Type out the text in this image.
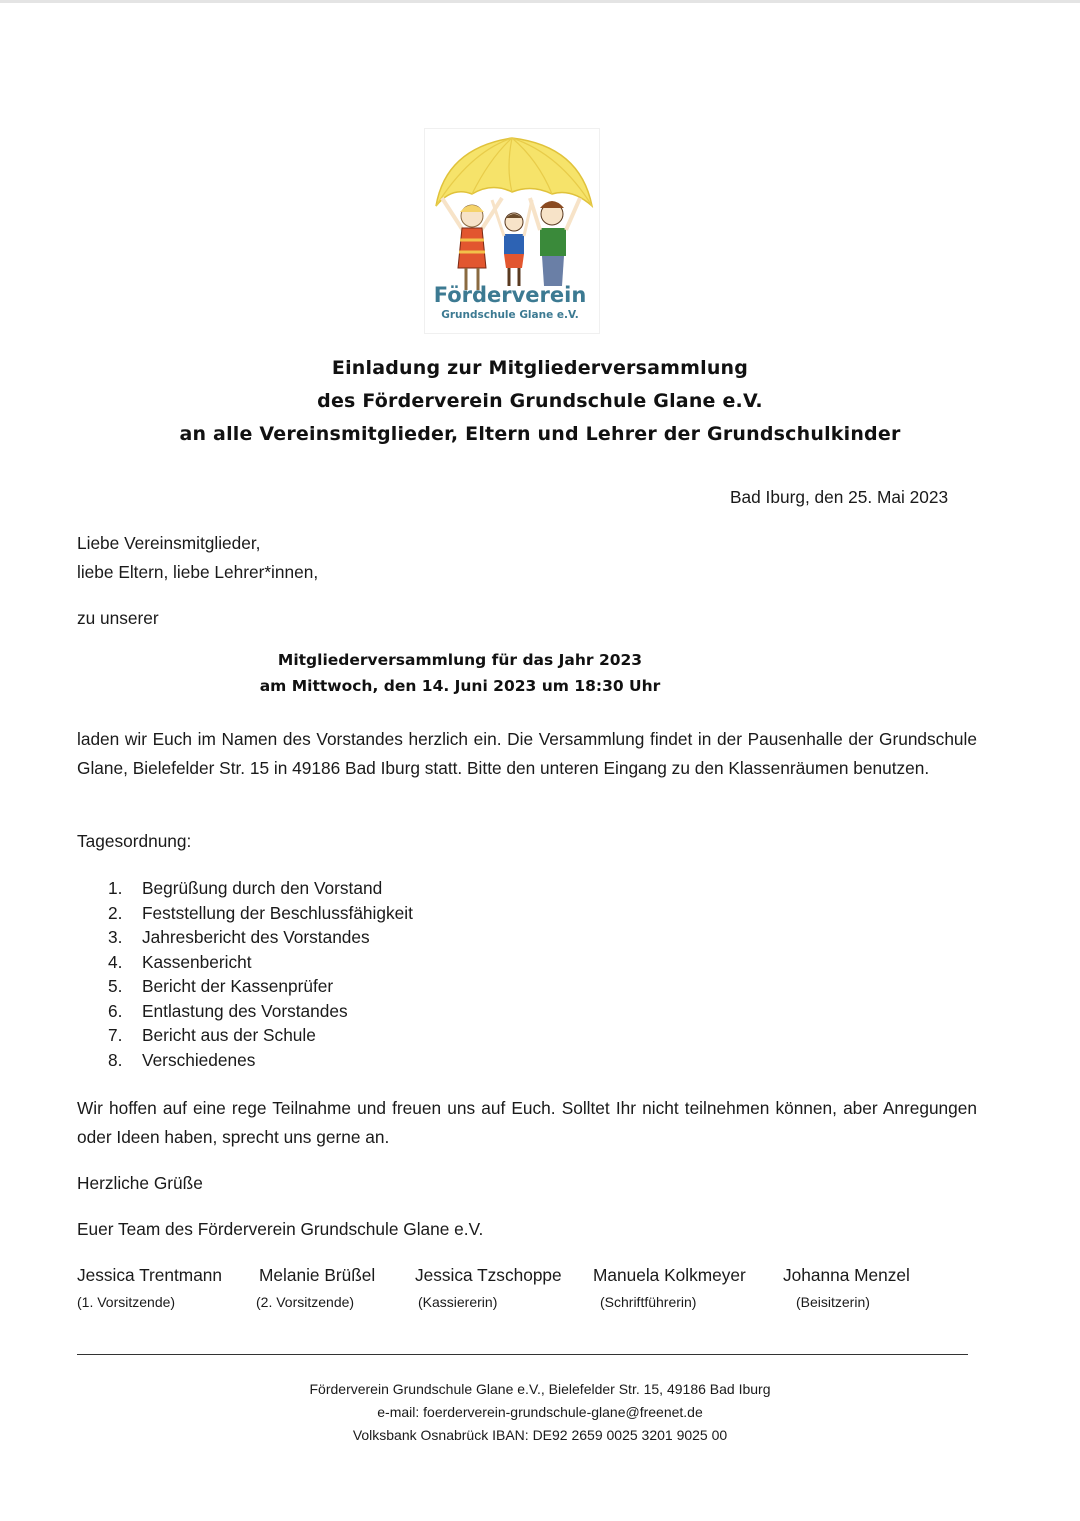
Förderverein
Grundschule Glane e.V.
Einladung zur Mitgliederversammlung
des Förderverein Grundschule Glane e.V.
an alle Vereinsmitglieder, Eltern und Lehrer der Grundschulkinder
Bad Iburg, den 25. Mai 2023
Liebe Vereinsmitglieder,
liebe Eltern, liebe Lehrer*innen,
zu unserer
Mitgliederversammlung für das Jahr 2023
am Mittwoch, den 14. Juni 2023 um 18:30 Uhr
laden wir Euch im Namen des Vorstandes herzlich ein. Die Versammlung findet in der Pausenhalle der Grundschule Glane, Bielefelder Str. 15 in 49186 Bad Iburg statt. Bitte den unteren Eingang zu den Klassenräumen benutzen.
Tagesordnung:
1. Begrüßung durch den Vorstand
2. Feststellung der Beschlussfähigkeit
3. Jahresbericht des Vorstandes
4. Kassenbericht
5. Bericht der Kassenprüfer
6. Entlastung des Vorstandes
7. Bericht aus der Schule
8. Verschiedenes
Wir hoffen auf eine rege Teilnahme und freuen uns auf Euch. Solltet Ihr nicht teilnehmen können, aber Anregungen oder Ideen haben, sprecht uns gerne an.
Herzliche Grüße
Euer Team des Förderverein Grundschule Glane e.V.
Jessica Trentmann
(1. Vorsitzende)
Melanie Brüßel
(2. Vorsitzende)
Jessica Tzschoppe
(Kassiererin)
Manuela Kolkmeyer
(Schriftführerin)
Johanna Menzel
(Beisitzerin)
Förderverein Grundschule Glane e.V., Bielefelder Str. 15, 49186 Bad Iburg
e-mail: foerderverein-grundschule-glane@freenet.de
Volksbank Osnabrück IBAN: DE92 2659 0025 3201 9025 00
